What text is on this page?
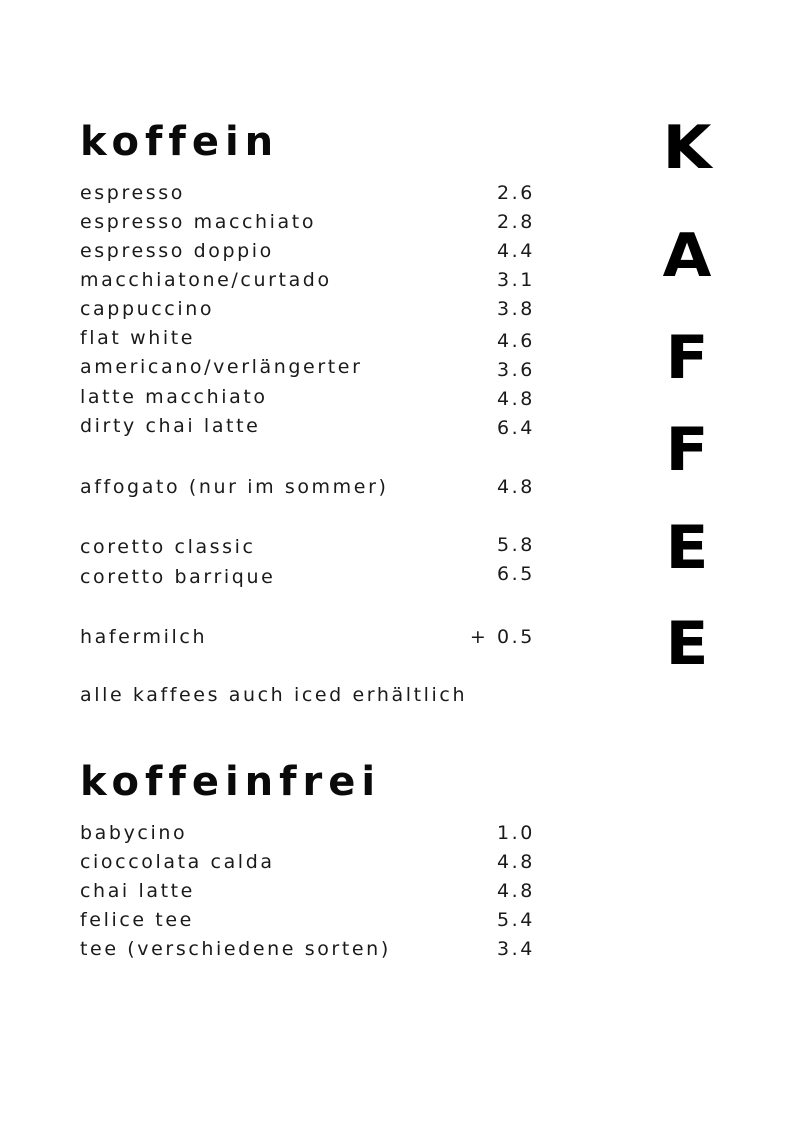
koffein
espresso	2.6
espresso macchiato	2.8
espresso doppio	4.4
macchiatone/curtado	3.1
cappuccino	3.8
flat white	4.6
americano/verlängerter	3.6
latte macchiato	4.8
dirty chai latte	6.4
affogato (nur im sommer)	4.8
coretto classic	5.8
coretto barrique	6.5
hafermilch	+ 0.5
alle kaffees auch iced erhältlich
koffeinfrei
babycino	1.0
cioccolata calda	4.8
chai latte	4.8
felice tee	5.4
tee (verschiedene sorten)	3.4
K
A
F
F
E
E
